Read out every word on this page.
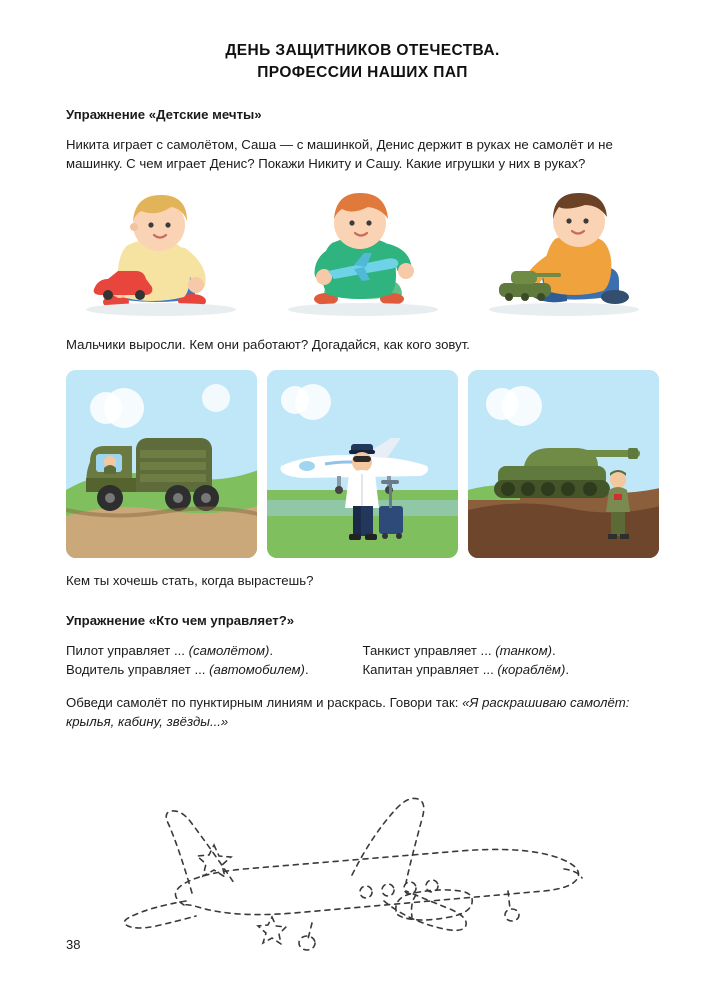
ДЕНЬ ЗАЩИТНИКОВ ОТЕЧЕСТВА.
ПРОФЕССИИ НАШИХ ПАП
Упражнение «Детские мечты»

Никита играет с самолётом, Саша — с машинкой, Денис держит в руках не самолёт и не машинку. С чем играет Денис? Покажи Никиту и Сашу. Какие игрушки у них в руках?

Мальчики выросли. Кем они работают? Догадайся, как кого зовут.

Кем ты хочешь стать, когда вырастешь?

Упражнение «Кто чем управляет?»
Пилот управляет ... (самолётом).
Водитель управляет ... (автомобилем).
Танкист управляет ... (танком).
Капитан управляет ... (кораблём).

Обведи самолёт по пунктирным линиям и раскрась. Говори так: «Я раскрашиваю самолёт: крылья, кабину, звёзды...»

38
